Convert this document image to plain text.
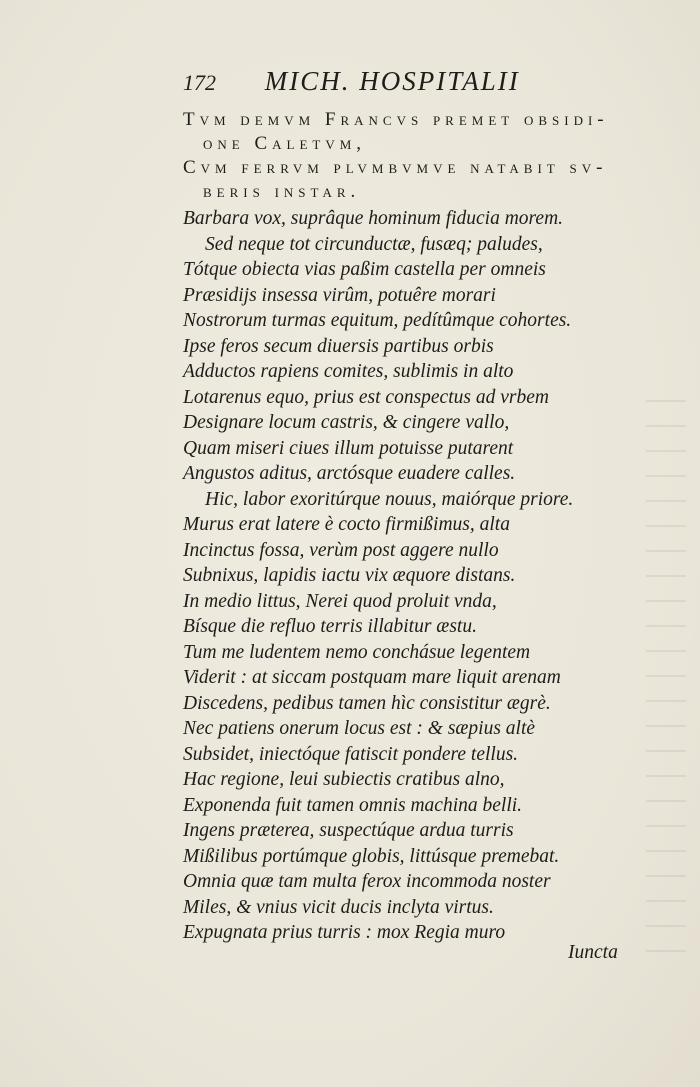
172 MICH. HOSPITALII
Tvm demvm Francvs premet obsidi-
one Caletvm,
Cvm ferrvm plvmbvmve natabit sv-
beris instar.
Barbara vox, suprâque hominum fiducia morem.
Sed neque tot circunductæ, fusæq; paludes,
Tótque obiecta vias paßim castella per omneis
Præsidijs insessa virûm, potuêre morari
Nostrorum turmas equitum, pedítûmque cohortes.
Ipse feros secum diuersis partibus orbis
Adductos rapiens comites, sublimis in alto
Lotarenus equo, prius est conspectus ad vrbem
Designare locum castris, & cingere vallo,
Quam miseri ciues illum potuisse putarent
Angustos aditus, arctósque euadere calles.
Hic, labor exoritúrque nouus, maiórque priore.
Murus erat latere è cocto firmißimus, alta
Incinctus fossa, verùm post aggere nullo
Subnixus, lapidis iactu vix æquore distans.
In medio littus, Nerei quod proluit vnda,
Bísque die refluo terris illabitur æstu.
Tum me ludentem nemo conchásue legentem
Viderit : at siccam postquam mare liquit arenam
Discedens, pedibus tamen hìc consistitur ægrè.
Nec patiens onerum locus est : & sæpius altè
Subsidet, iniectóque fatiscit pondere tellus.
Hac regione, leui subiectis cratibus alno,
Exponenda fuit tamen omnis machina belli.
Ingens præterea, suspectúque ardua turris
Mißilibus portúmque globis, littúsque premebat.
Omnia quæ tam multa ferox incommoda noster
Miles, & vnius vicit ducis inclyta virtus.
Expugnata prius turris : mox Regia muro
Iuncta
